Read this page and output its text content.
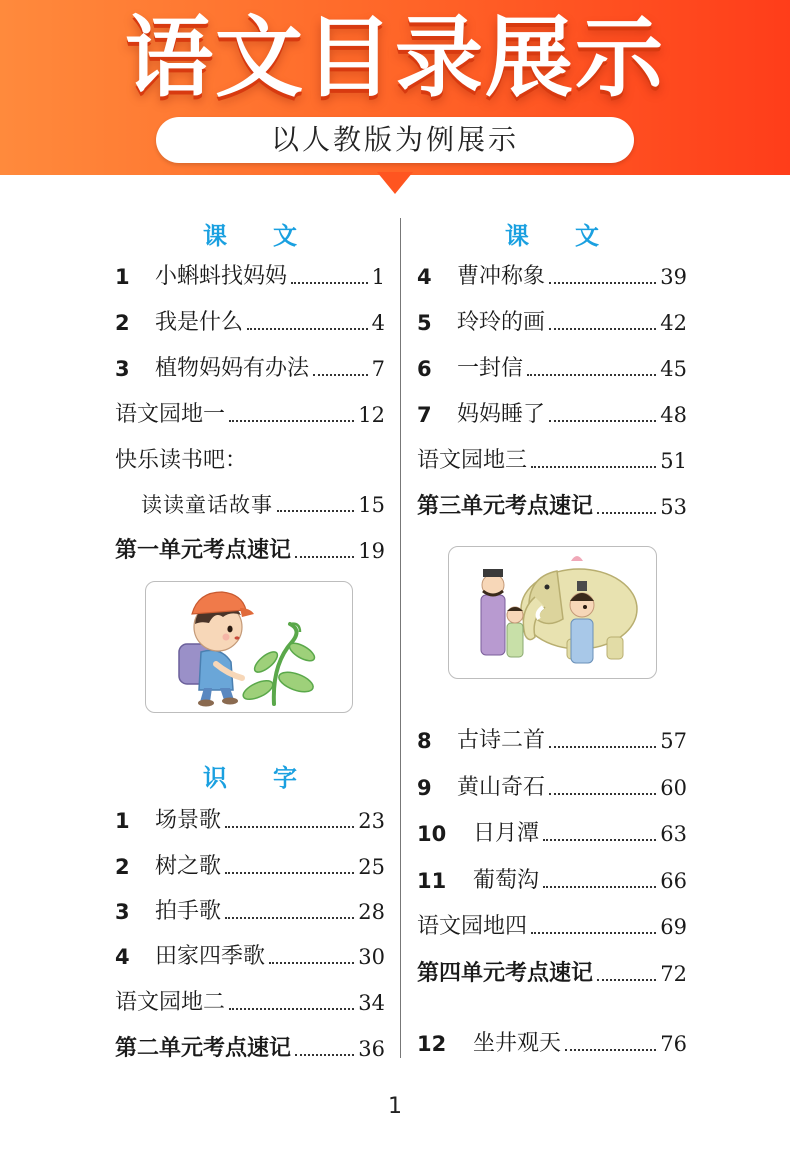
语文目录展示
以人教版为例展示
课文
1	小蝌蚪找妈妈	1
2	我是什么	4
3	植物妈妈有办法	7
语文园地一	12
快乐读书吧：
读读童话故事	15
第一单元考点速记	19
识字
1	场景歌	23
2	树之歌	25
3	拍手歌	28
4	田家四季歌	30
语文园地二	34
第二单元考点速记	36
课文
4	曹冲称象	39
5	玲玲的画	42
6	一封信	45
7	妈妈睡了	48
语文园地三	51
第三单元考点速记	53
8	古诗二首	57
9	黄山奇石	60
10	日月潭	63
11	葡萄沟	66
语文园地四	69
第四单元考点速记	72
12	坐井观天	76
1
